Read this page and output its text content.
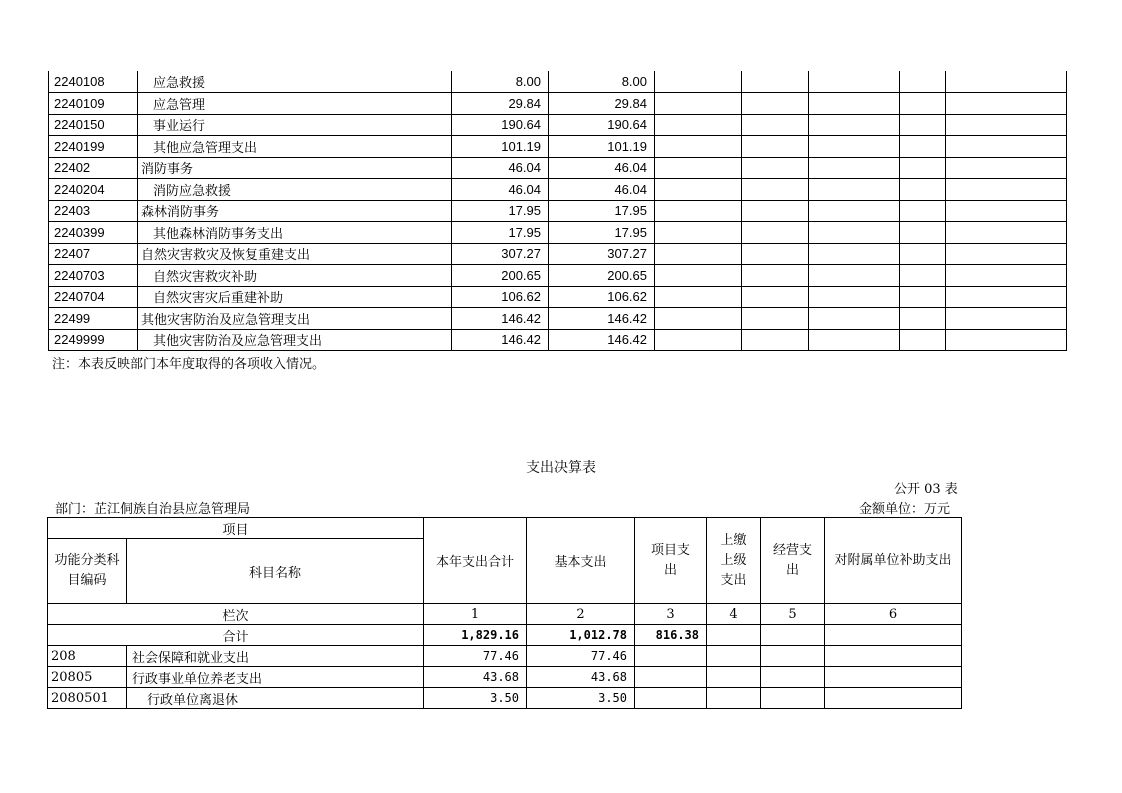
2240108	应急救援	8.00	8.00					
2240109	应急管理	29.84	29.84					
2240150	事业运行	190.64	190.64					
2240199	其他应急管理支出	101.19	101.19					
22402	消防事务	46.04	46.04					
2240204	消防应急救援	46.04	46.04					
22403	森林消防事务	17.95	17.95					
2240399	其他森林消防事务支出	17.95	17.95					
22407	自然灾害救灾及恢复重建支出	307.27	307.27					
2240703	自然灾害救灾补助	200.65	200.65					
2240704	自然灾害灾后重建补助	106.62	106.62					
22499	其他灾害防治及应急管理支出	146.42	146.42					
2249999	其他灾害防治及应急管理支出	146.42	146.42					
注：本表反映部门本年度取得的各项收入情况。
支出决算表
公开 03 表
部门：芷江侗族自治县应急管理局	金额单位：万元
项目		本年支出合计	基本支出	项目支出	上缴上级支出	经营支出	对附属单位补助支出
功能分类科目编码	科目名称						
栏次		1	2	3	4	5	6
合计		1,829.16	1,012.78	816.38			
208	社会保障和就业支出	77.46	77.46				
20805	行政事业单位养老支出	43.68	43.68				
2080501	行政单位离退休	3.50	3.50				
